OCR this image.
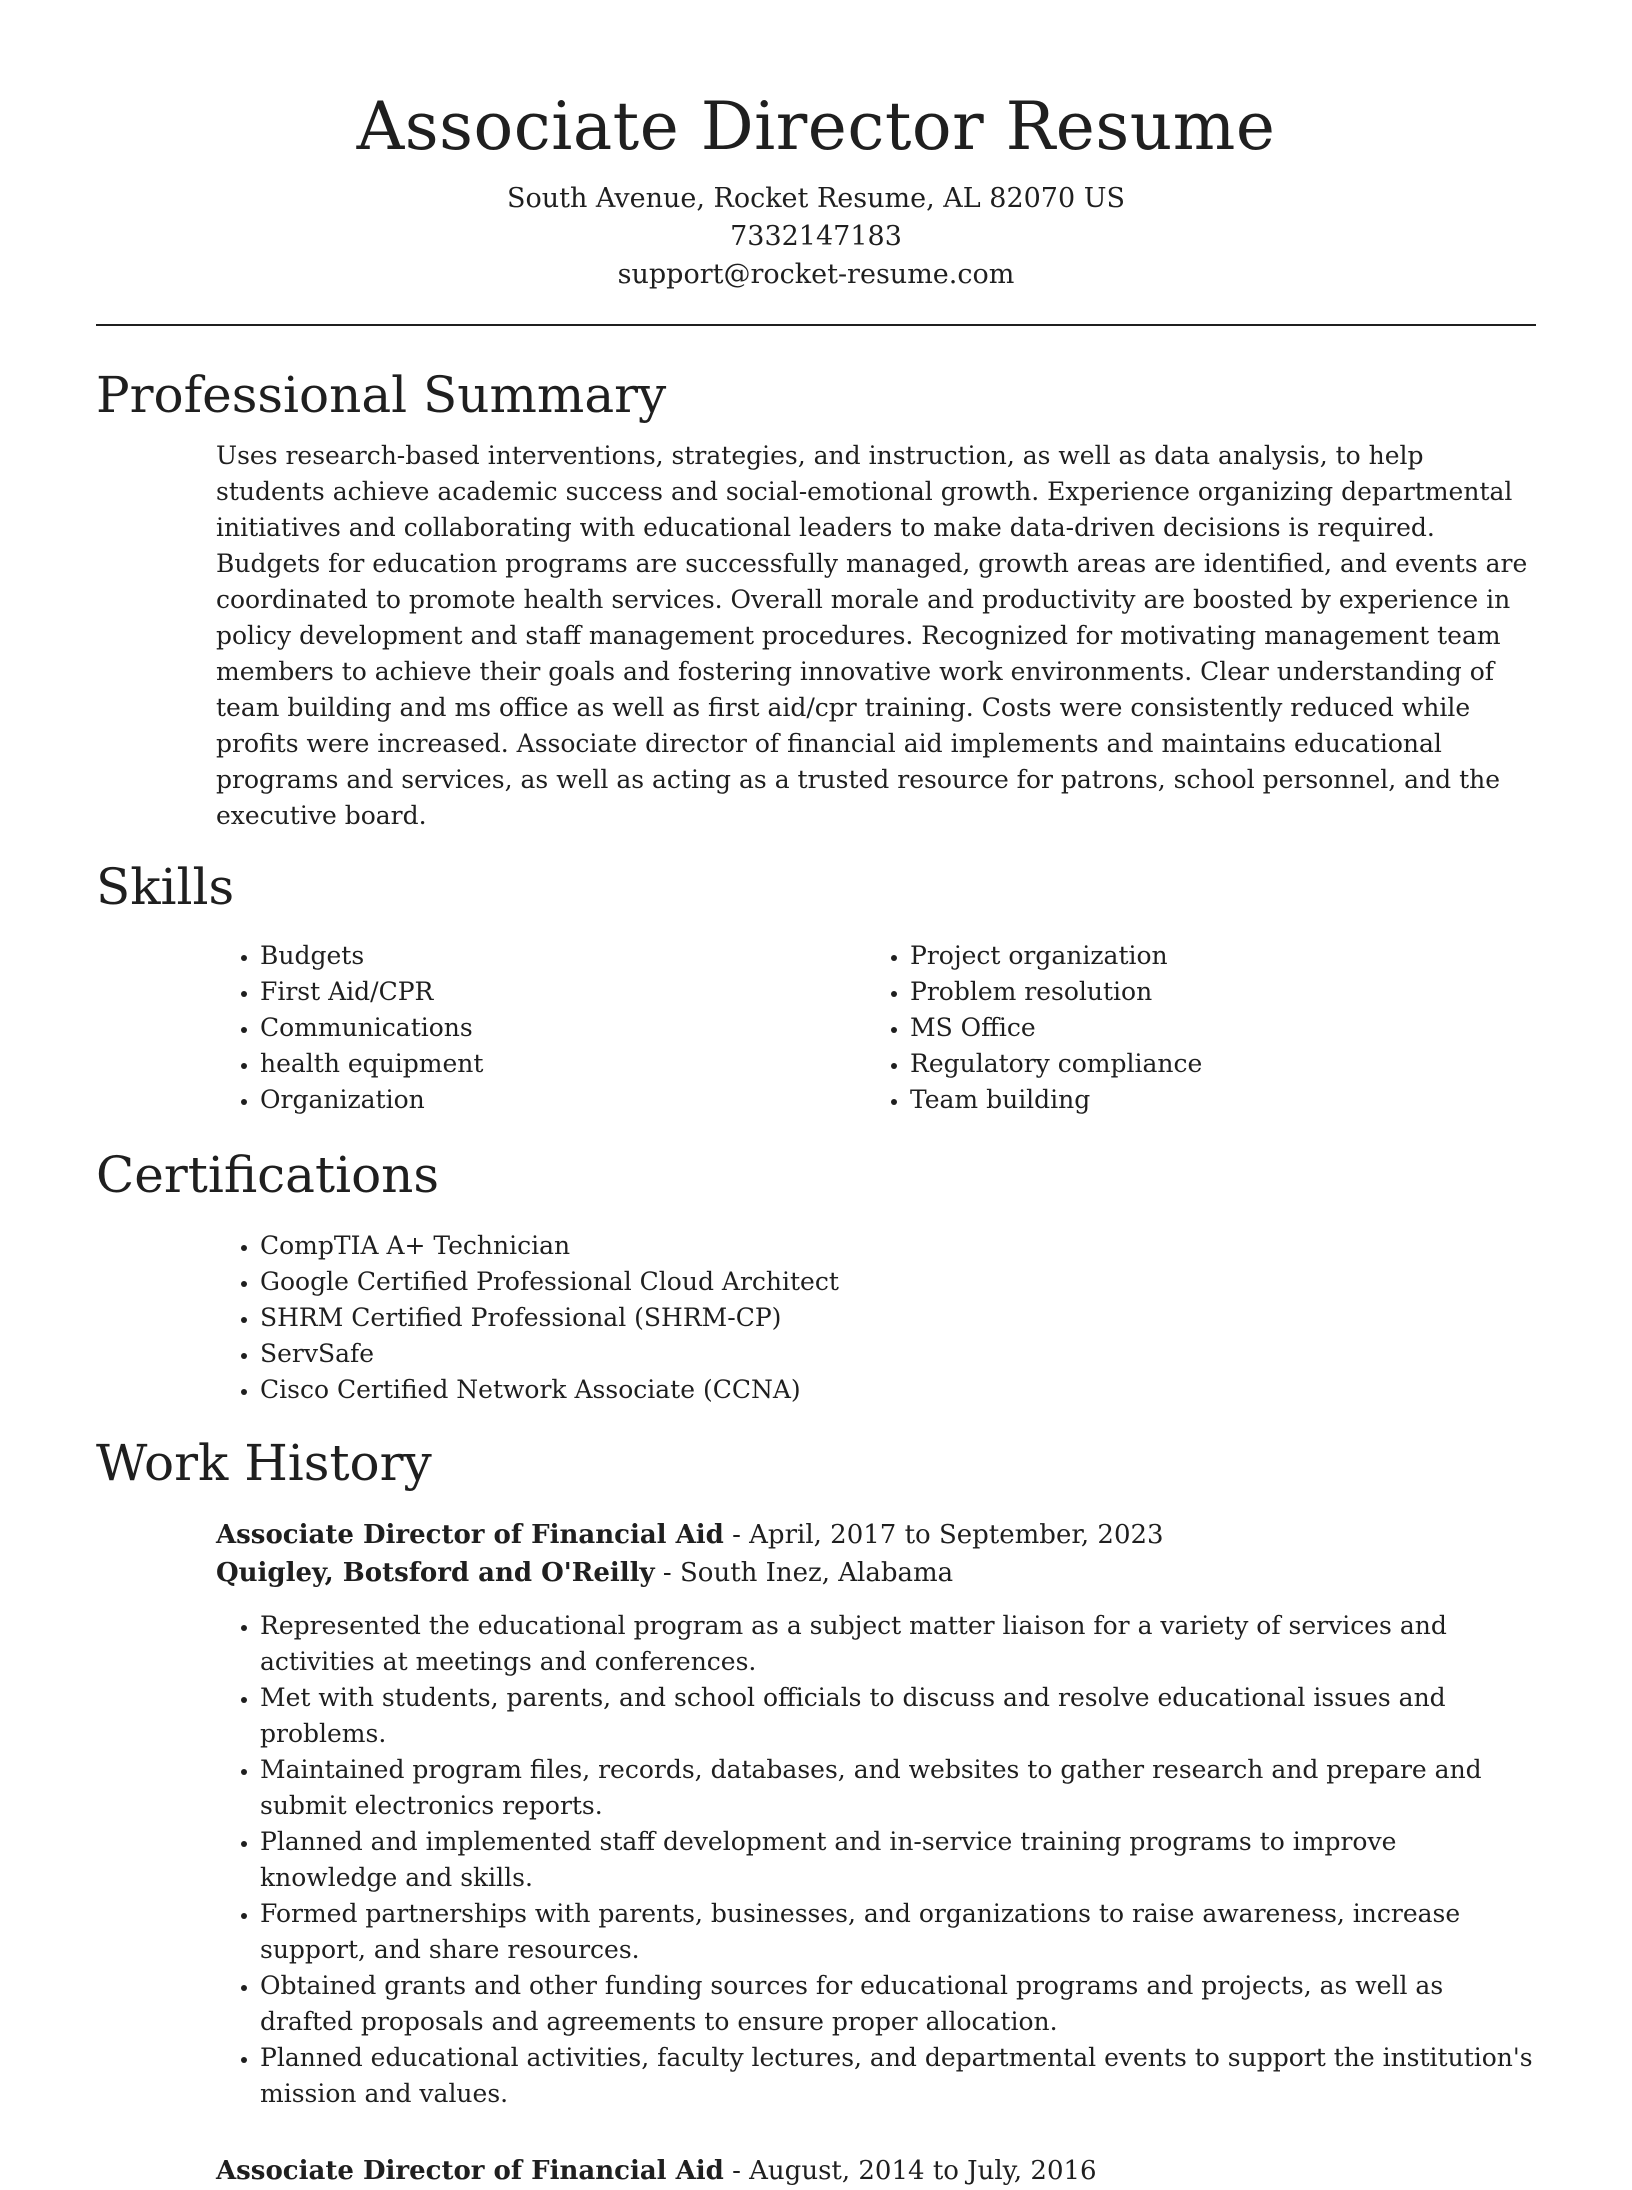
Associate Director Resume
South Avenue, Rocket Resume, AL 82070 US
7332147183
support@rocket-resume.com
Professional Summary

Uses research-based interventions, strategies, and instruction, as well as data analysis, to help students achieve academic success and social-emotional growth. Experience organizing departmental initiatives and collaborating with educational leaders to make data-driven decisions is required. Budgets for education programs are successfully managed, growth areas are identified, and events are coordinated to promote health services. Overall morale and productivity are boosted by experience in policy development and staff management procedures. Recognized for motivating management team members to achieve their goals and fostering innovative work environments. Clear understanding of team building and ms office as well as first aid/cpr training. Costs were consistently reduced while profits were increased. Associate director of financial aid implements and maintains educational programs and services, as well as acting as a trusted resource for patrons, school personnel, and the executive board.

Skills
• Budgets
• First Aid/CPR
• Communications
• health equipment
• Organization
• Project organization
• Problem resolution
• MS Office
• Regulatory compliance
• Team building
Certifications
• CompTIA A+ Technician
• Google Certified Professional Cloud Architect
• SHRM Certified Professional (SHRM-CP)
• ServSafe
• Cisco Certified Network Associate (CCNA)
Work History
Associate Director of Financial Aid - April, 2017 to September, 2023
Quigley, Botsford and O'Reilly - South Inez, Alabama
• Represented the educational program as a subject matter liaison for a variety of services and activities at meetings and conferences.
• Met with students, parents, and school officials to discuss and resolve educational issues and problems.
• Maintained program files, records, databases, and websites to gather research and prepare and submit electronics reports.
• Planned and implemented staff development and in-service training programs to improve knowledge and skills.
• Formed partnerships with parents, businesses, and organizations to raise awareness, increase support, and share resources.
• Obtained grants and other funding sources for educational programs and projects, as well as drafted proposals and agreements to ensure proper allocation.
• Planned educational activities, faculty lectures, and departmental events to support the institution's mission and values.
Associate Director of Financial Aid - August, 2014 to July, 2016
